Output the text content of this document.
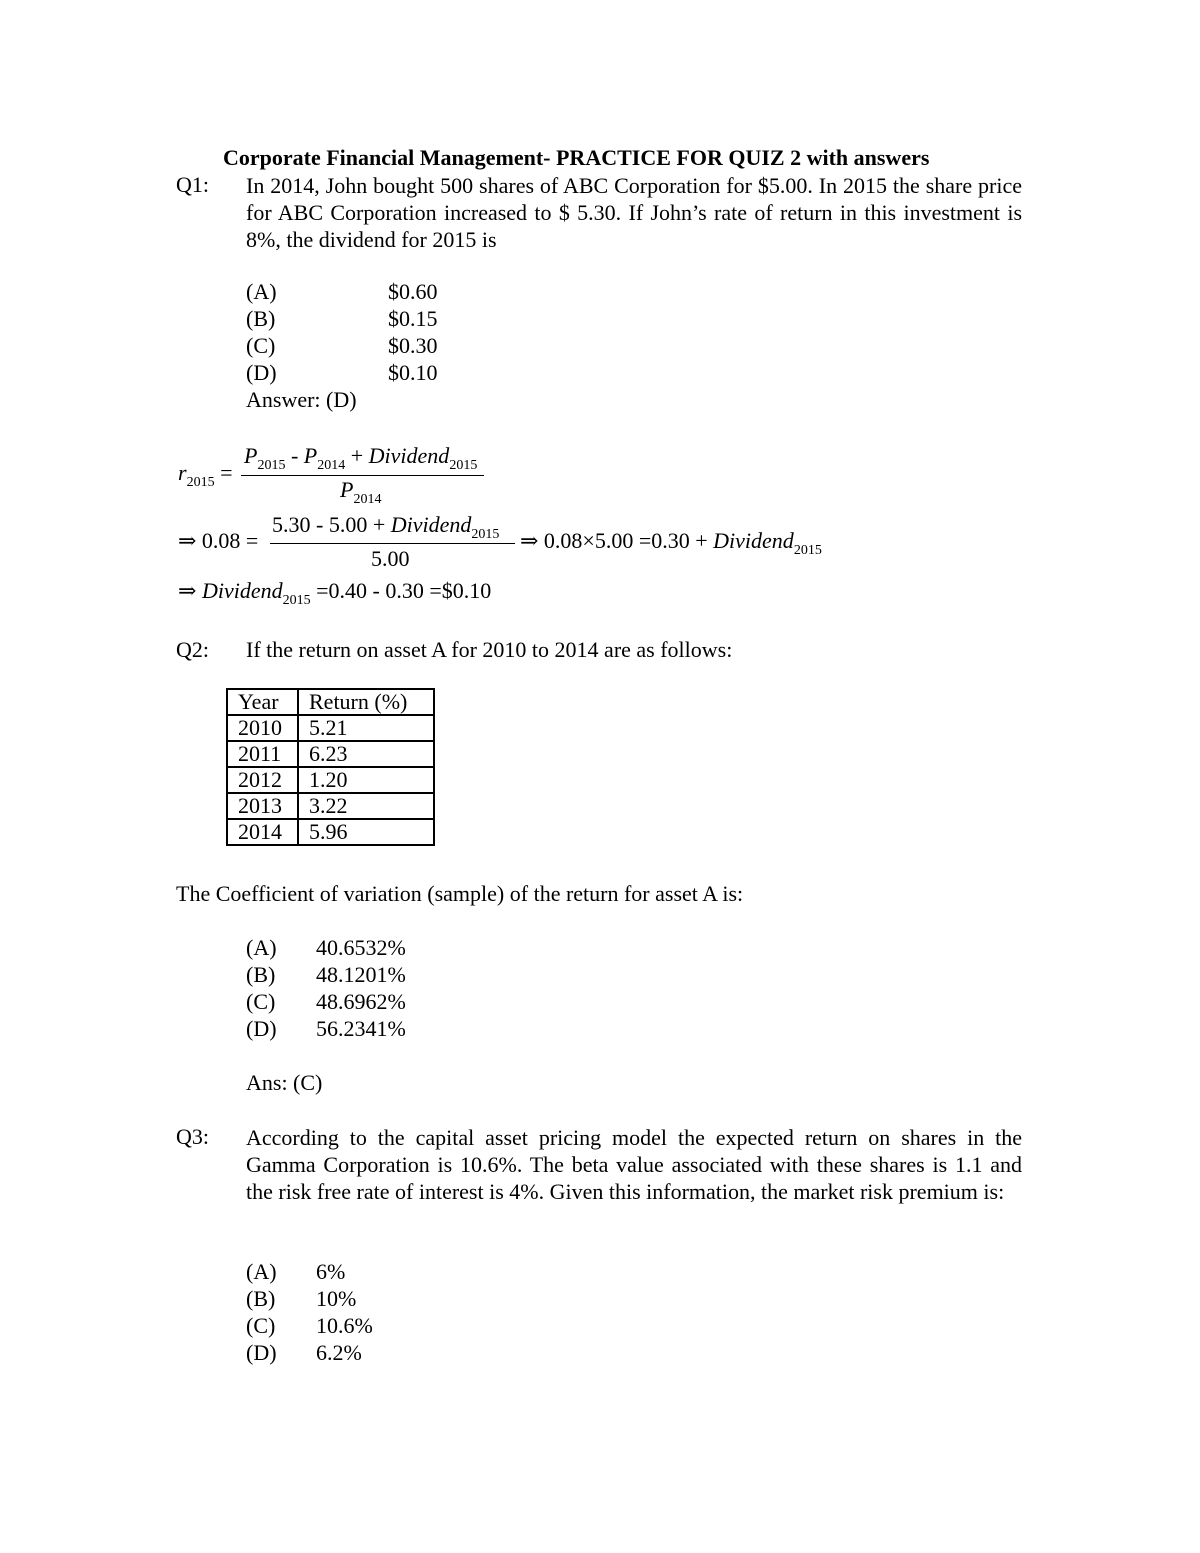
Corporate Financial Management- PRACTICE FOR QUIZ 2 with answers
Q1: In 2014, John bought 500 shares of ABC Corporation for $5.00. In 2015 the share price for ABC Corporation increased to $ 5.30. If John’s rate of return in this investment is 8%, the dividend for 2015 is
(A)	$0.60
(B)	$0.15
(C)	$0.30
(D)	$0.10
Answer: (D)
$r_{2015}$ =
$P_{2015} - P_{2014}$ + Dividend$_{2015}$
$P_{2014}$
⇒ 0.08 =
5.30 - 5.00 + Dividend$_{2015}$
5.00
⇒ 0.08×5.00 =0.30 + Dividend$_{2015}$
⇒ Dividend$_{2015}$ =0.40 - 0.30 =$0.10
Q2: If the return on asset A for 2010 to 2014 are as follows:
Year	Return (%)
2010	5.21
2011	6.23
2012	1.20
2013	3.22
2014	5.96
The Coefficient of variation (sample) of the return for asset A is:
(A) 40.6532%
(B) 48.1201%
(C) 48.6962%
(D) 56.2341%
Ans: (C)
Q3: According to the capital asset pricing model the expected return on shares in the Gamma Corporation is 10.6%. The beta value associated with these shares is 1.1 and the risk free rate of interest is 4%. Given this information, the market risk premium is:
(A) 6%
(B) 10%
(C) 10.6%
(D) 6.2%
